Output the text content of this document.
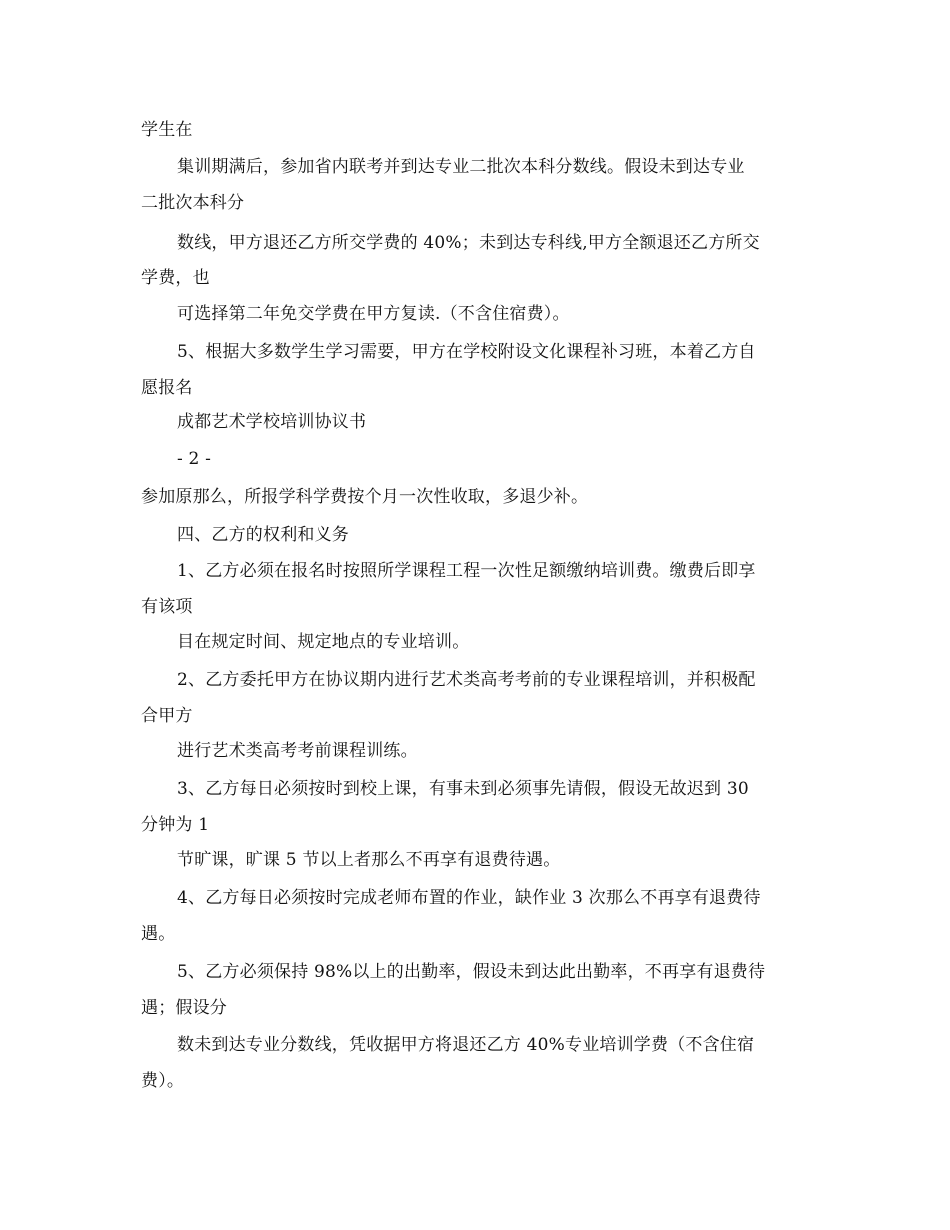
学生在
集训期满后，参加省内联考并到达专业二批次本科分数线。假设未到达专业
二批次本科分
数线，甲方退还乙方所交学费的 40%；未到达专科线,甲方全额退还乙方所交
学费，也
可选择第二年免交学费在甲方复读.（不含住宿费）。
5、根据大多数学生学习需要，甲方在学校附设文化课程补习班，本着乙方自
愿报名
成都艺术学校培训协议书
- 2 -
参加原那么，所报学科学费按个月一次性收取，多退少补。
四、乙方的权利和义务
1、乙方必须在报名时按照所学课程工程一次性足额缴纳培训费。缴费后即享
有该项
目在规定时间、规定地点的专业培训。
2、乙方委托甲方在协议期内进行艺术类高考考前的专业课程培训，并积极配
合甲方
进行艺术类高考考前课程训练。
3、乙方每日必须按时到校上课，有事未到必须事先请假，假设无故迟到 30
分钟为 1
节旷课，旷课 5 节以上者那么不再享有退费待遇。
4、乙方每日必须按时完成老师布置的作业，缺作业 3 次那么不再享有退费待
遇。
5、乙方必须保持 98%以上的出勤率，假设未到达此出勤率，不再享有退费待
遇；假设分
数未到达专业分数线，凭收据甲方将退还乙方 40%专业培训学费（不含住宿
费）。
